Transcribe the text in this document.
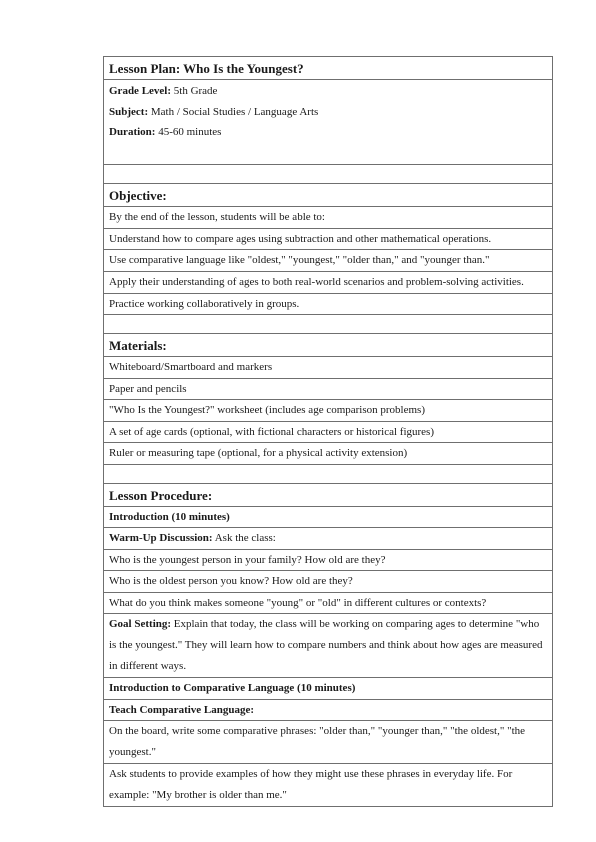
Lesson Plan: Who Is the Youngest?
Grade Level: 5th Grade
Subject: Math / Social Studies / Language Arts
Duration: 45-60 minutes
Objective:
By the end of the lesson, students will be able to:
Understand how to compare ages using subtraction and other mathematical operations.
Use comparative language like "oldest," "youngest," "older than," and "younger than."
Apply their understanding of ages to both real-world scenarios and problem-solving activities.
Practice working collaboratively in groups.
Materials:
Whiteboard/Smartboard and markers
Paper and pencils
"Who Is the Youngest?" worksheet (includes age comparison problems)
A set of age cards (optional, with fictional characters or historical figures)
Ruler or measuring tape (optional, for a physical activity extension)
Lesson Procedure:
Introduction (10 minutes)
Warm-Up Discussion: Ask the class:
Who is the youngest person in your family? How old are they?
Who is the oldest person you know? How old are they?
What do you think makes someone "young" or "old" in different cultures or contexts?
Goal Setting: Explain that today, the class will be working on comparing ages to determine "who is the youngest." They will learn how to compare numbers and think about how ages are measured in different ways.
Introduction to Comparative Language (10 minutes)
Teach Comparative Language:
On the board, write some comparative phrases: "older than," "younger than," "the oldest," "the youngest."
Ask students to provide examples of how they might use these phrases in everyday life. For example: "My brother is older than me."
